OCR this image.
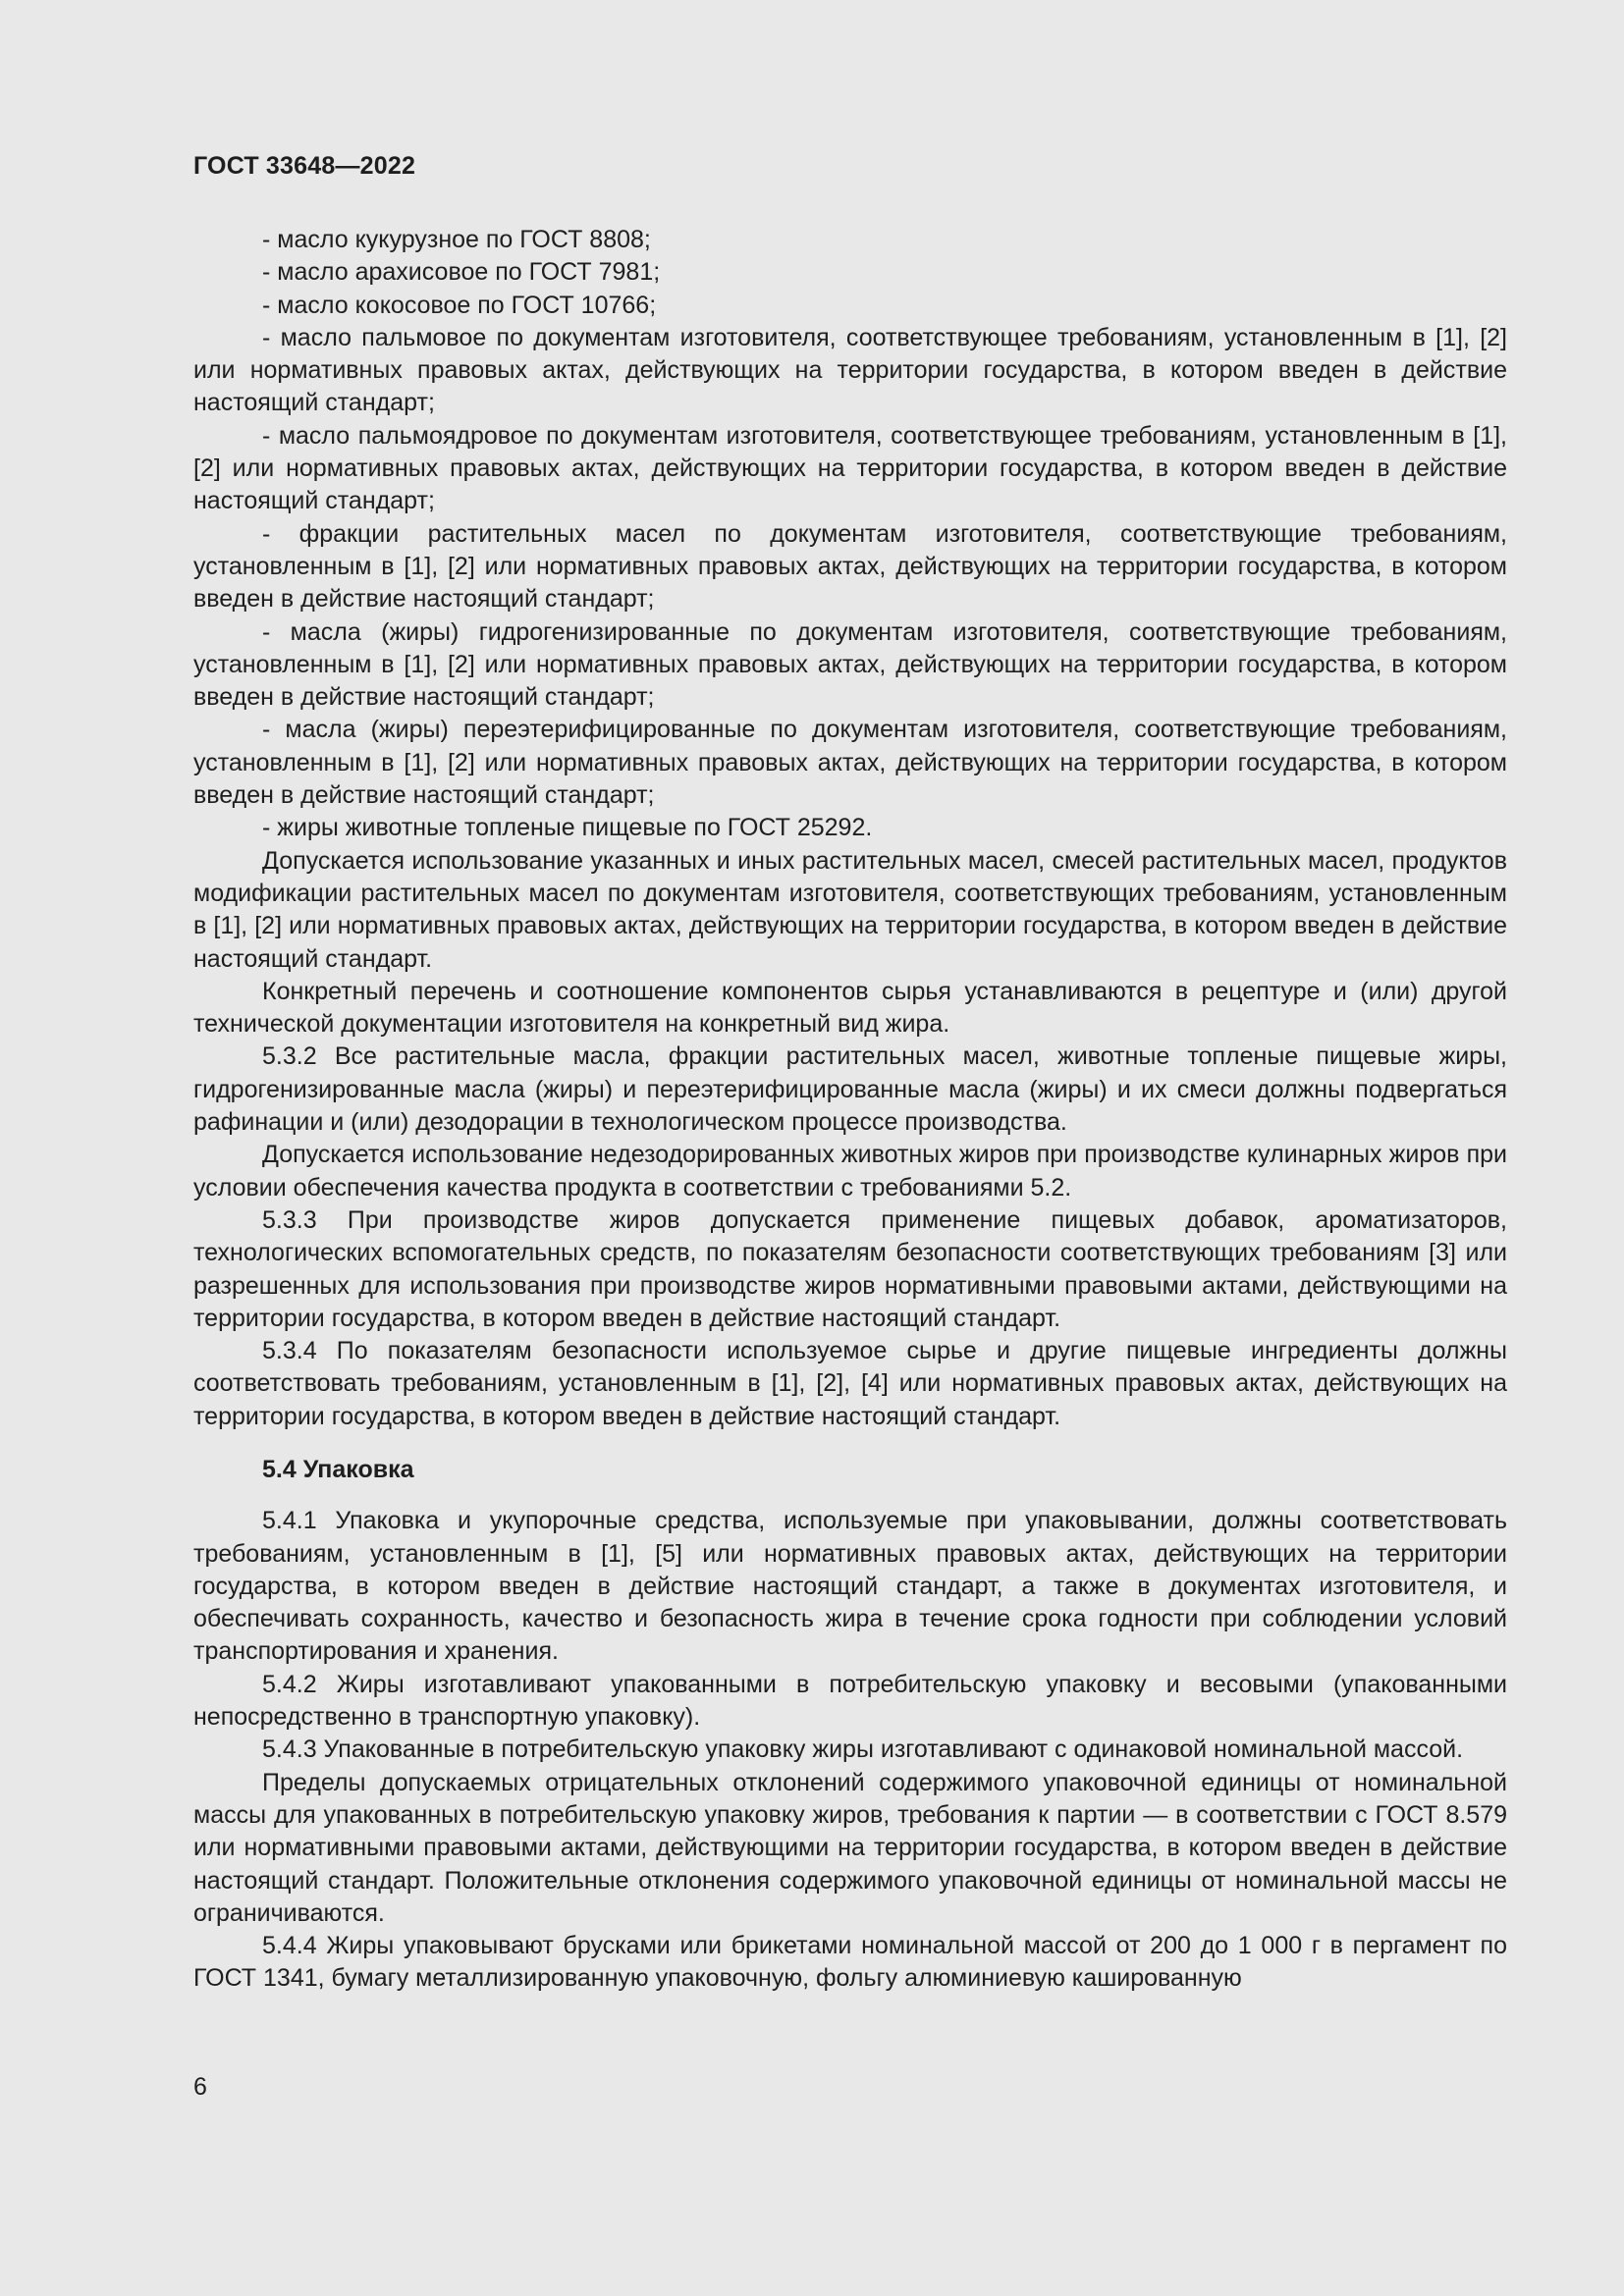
ГОСТ 33648—2022

- масло кукурузное по ГОСТ 8808;

- масло арахисовое по ГОСТ 7981;

- масло кокосовое по ГОСТ 10766;

- масло пальмовое по документам изготовителя, соответствующее требованиям, установленным в [1], [2] или нормативных правовых актах, действующих на территории государства, в котором введен в действие настоящий стандарт;

- масло пальмоядровое по документам изготовителя, соответствующее требованиям, установленным в [1], [2] или нормативных правовых актах, действующих на территории государства, в котором введен в действие настоящий стандарт;

- фракции растительных масел по документам изготовителя, соответствующие требованиям, установленным в [1], [2] или нормативных правовых актах, действующих на территории государства, в котором введен в действие настоящий стандарт;

- масла (жиры) гидрогенизированные по документам изготовителя, соответствующие требованиям, установленным в [1], [2] или нормативных правовых актах, действующих на территории государства, в котором введен в действие настоящий стандарт;

- масла (жиры) переэтерифицированные по документам изготовителя, соответствующие требованиям, установленным в [1], [2] или нормативных правовых актах, действующих на территории государства, в котором введен в действие настоящий стандарт;

- жиры животные топленые пищевые по ГОСТ 25292.

Допускается использование указанных и иных растительных масел, смесей растительных масел, продуктов модификации растительных масел по документам изготовителя, соответствующих требованиям, установленным в [1], [2] или нормативных правовых актах, действующих на территории государства, в котором введен в действие настоящий стандарт.

Конкретный перечень и соотношение компонентов сырья устанавливаются в рецептуре и (или) другой технической документации изготовителя на конкретный вид жира.

5.3.2 Все растительные масла, фракции растительных масел, животные топленые пищевые жиры, гидрогенизированные масла (жиры) и переэтерифицированные масла (жиры) и их смеси должны подвергаться рафинации и (или) дезодорации в технологическом процессе производства.

Допускается использование недезодорированных животных жиров при производстве кулинарных жиров при условии обеспечения качества продукта в соответствии с требованиями 5.2.

5.3.3 При производстве жиров допускается применение пищевых добавок, ароматизаторов, технологических вспомогательных средств, по показателям безопасности соответствующих требованиям [3] или разрешенных для использования при производстве жиров нормативными правовыми актами, действующими на территории государства, в котором введен в действие настоящий стандарт.

5.3.4 По показателям безопасности используемое сырье и другие пищевые ингредиенты должны соответствовать требованиям, установленным в [1], [2], [4] или нормативных правовых актах, действующих на территории государства, в котором введен в действие настоящий стандарт.

5.4 Упаковка

5.4.1 Упаковка и укупорочные средства, используемые при упаковывании, должны соответствовать требованиям, установленным в [1], [5] или нормативных правовых актах, действующих на территории государства, в котором введен в действие настоящий стандарт, а также в документах изготовителя, и обеспечивать сохранность, качество и безопасность жира в течение срока годности при соблюдении условий транспортирования и хранения.

5.4.2 Жиры изготавливают упакованными в потребительскую упаковку и весовыми (упакованными непосредственно в транспортную упаковку).

5.4.3 Упакованные в потребительскую упаковку жиры изготавливают с одинаковой номинальной массой.

Пределы допускаемых отрицательных отклонений содержимого упаковочной единицы от номинальной массы для упакованных в потребительскую упаковку жиров, требования к партии — в соответствии с ГОСТ 8.579 или нормативными правовыми актами, действующими на территории государства, в котором введен в действие настоящий стандарт. Положительные отклонения содержимого упаковочной единицы от номинальной массы не ограничиваются.

5.4.4 Жиры упаковывают брусками или брикетами номинальной массой от 200 до 1 000 г в пергамент по ГОСТ 1341, бумагу металлизированную упаковочную, фольгу алюминиевую кашированную

6
